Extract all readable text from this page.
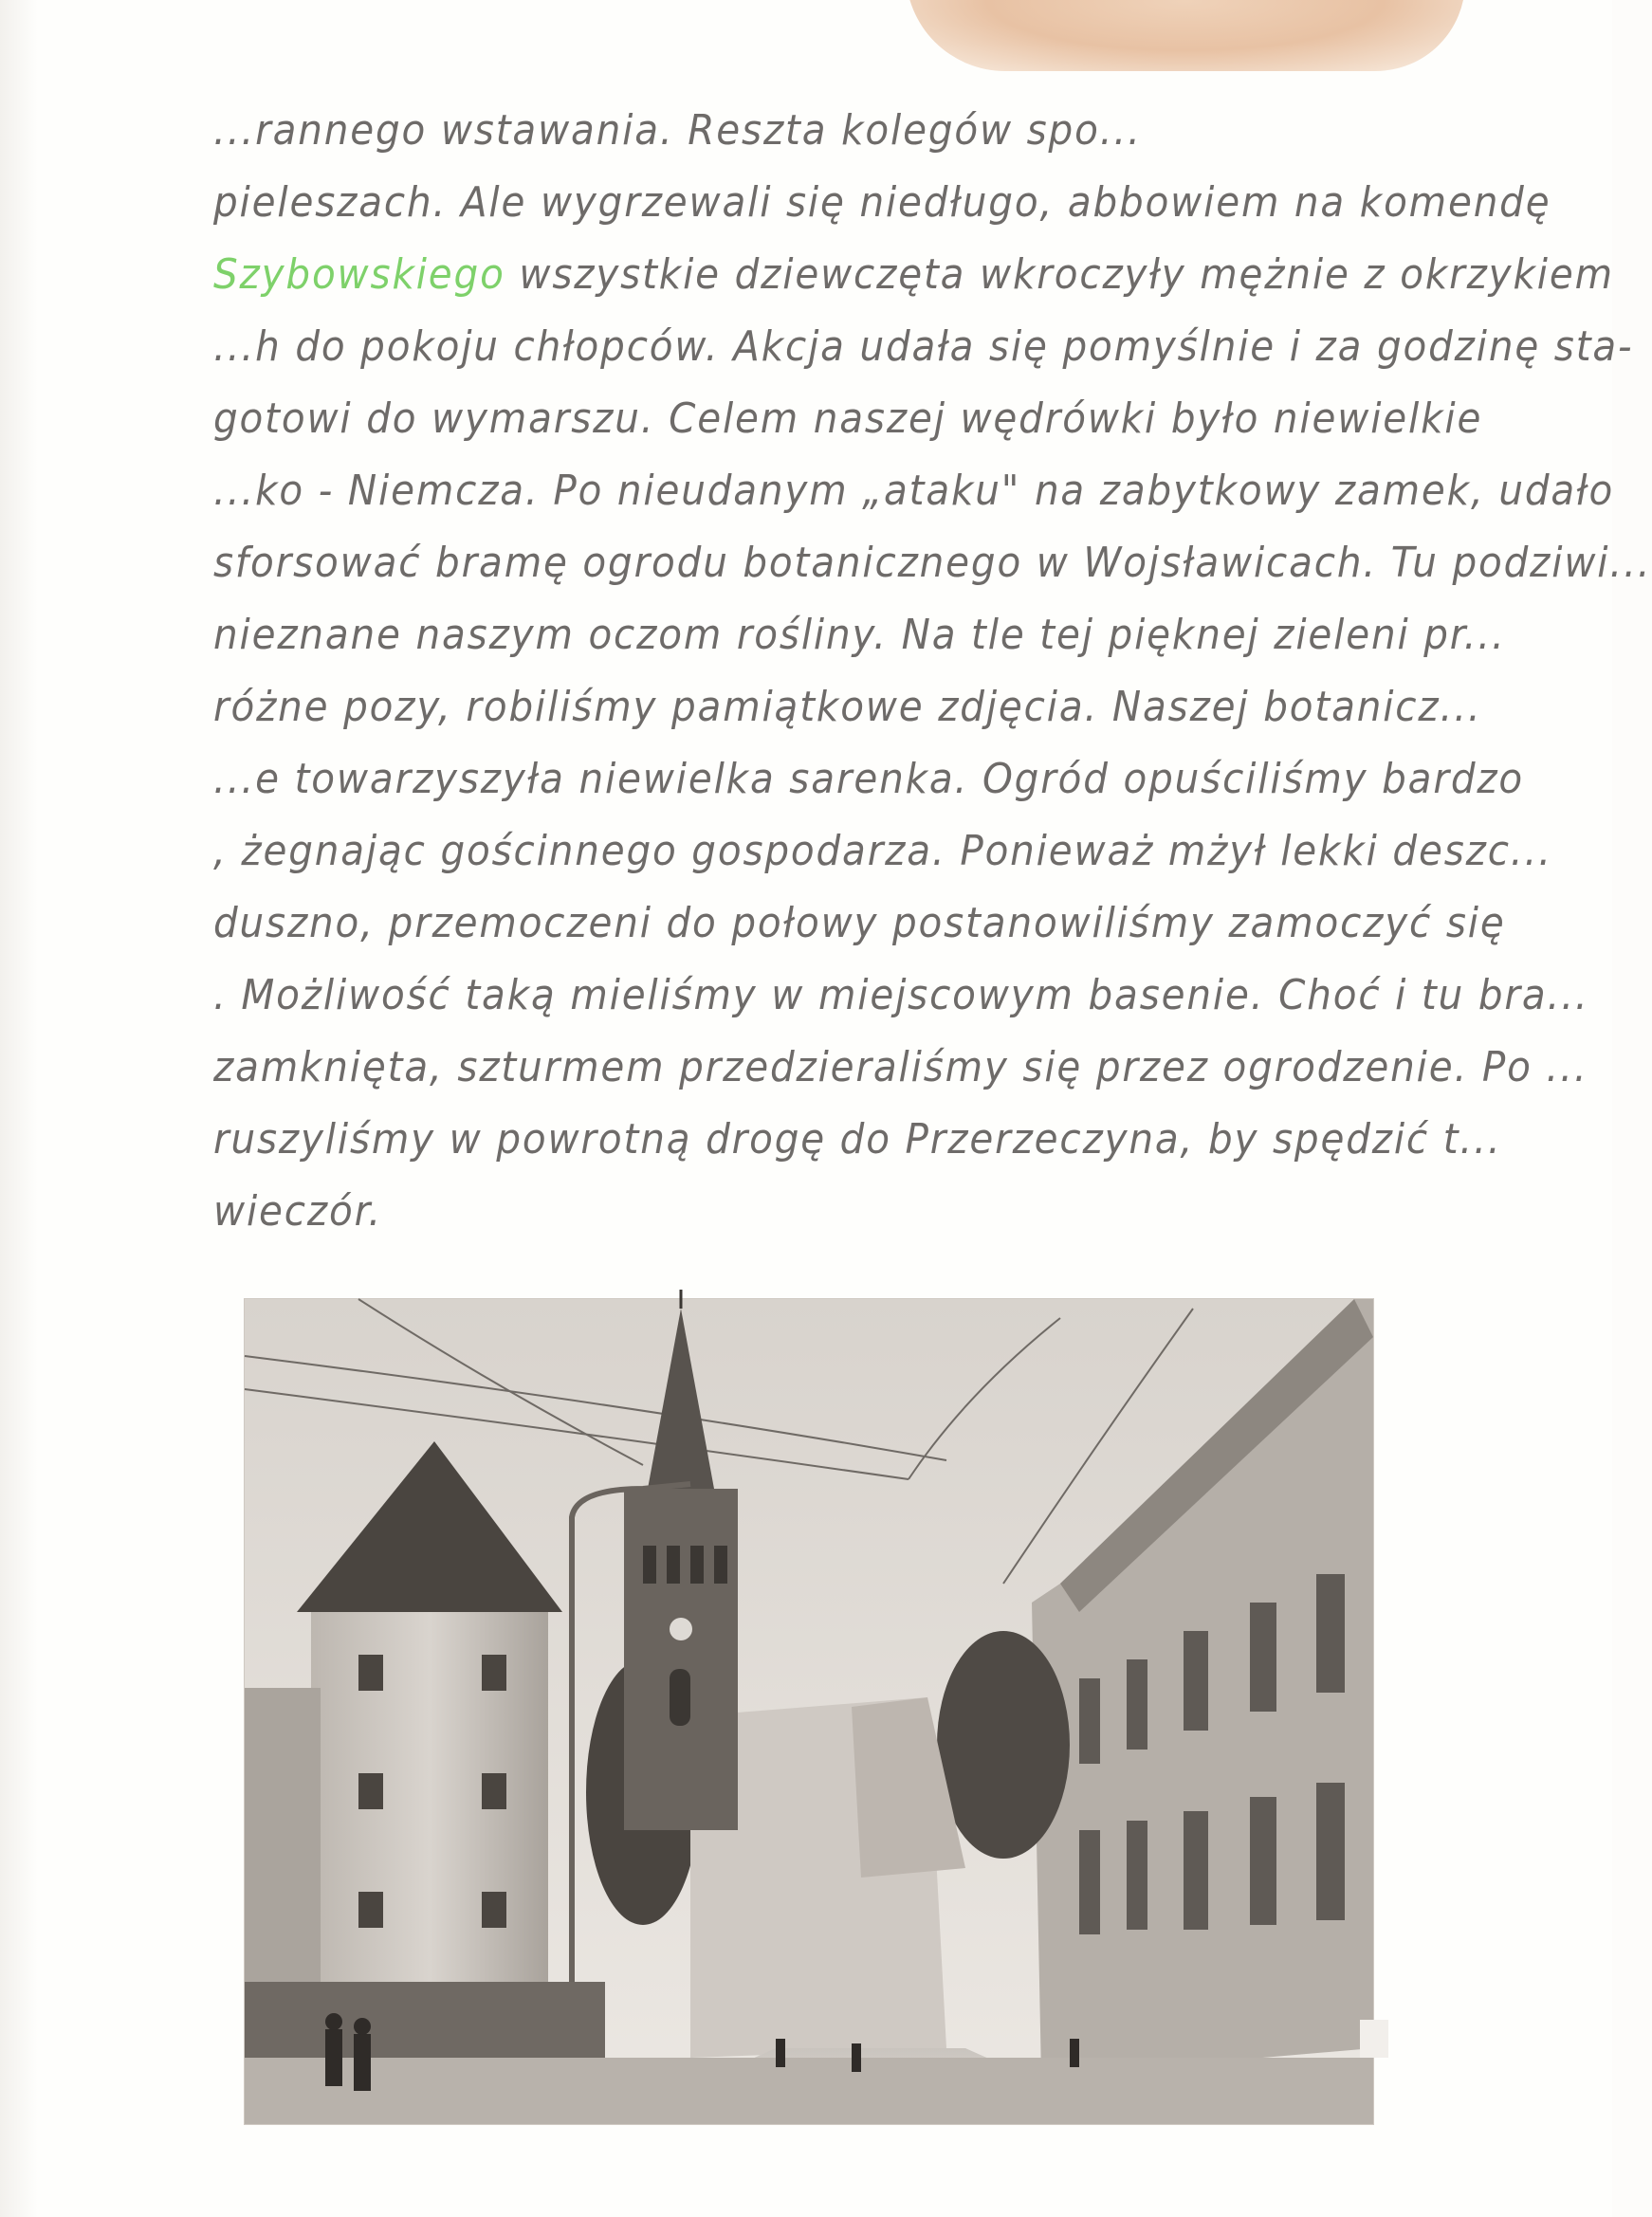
...rannego wstawania. Reszta kolegów spo...
pieleszach. Ale wygrzewali się niedługo, abbowiem na komendę
Szybowskiego wszystkie dziewczęta wkroczyły mężnie z okrzykiem
...h do pokoju chłopców. Akcja udała się pomyślnie i za godzinę sta-
gotowi do wymarszu. Celem naszej wędrówki było niewielkie
...ko - Niemcza. Po nieudanym „ataku" na zabytkowy zamek, udało
sforsować bramę ogrodu botanicznego w Wojsławicach. Tu podziwi...
nieznane naszym oczom rośliny. Na tle tej pięknej zieleni pr...
różne pozy, robiliśmy pamiątkowe zdjęcia. Naszej botanicz...
...e towarzyszyła niewielka sarenka. Ogród opuściliśmy bardzo
, żegnając gościnnego gospodarza. Ponieważ mżył lekki deszc...
duszno, przemoczeni do połowy postanowiliśmy zamoczyć się
. Możliwość taką mieliśmy w miejscowym basenie. Choć i tu bra...
zamknięta, szturmem przedzieraliśmy się przez ogrodzenie. Po ...
ruszyliśmy w powrotną drogę do Przerzeczyna, by spędzić t...
wieczór.
